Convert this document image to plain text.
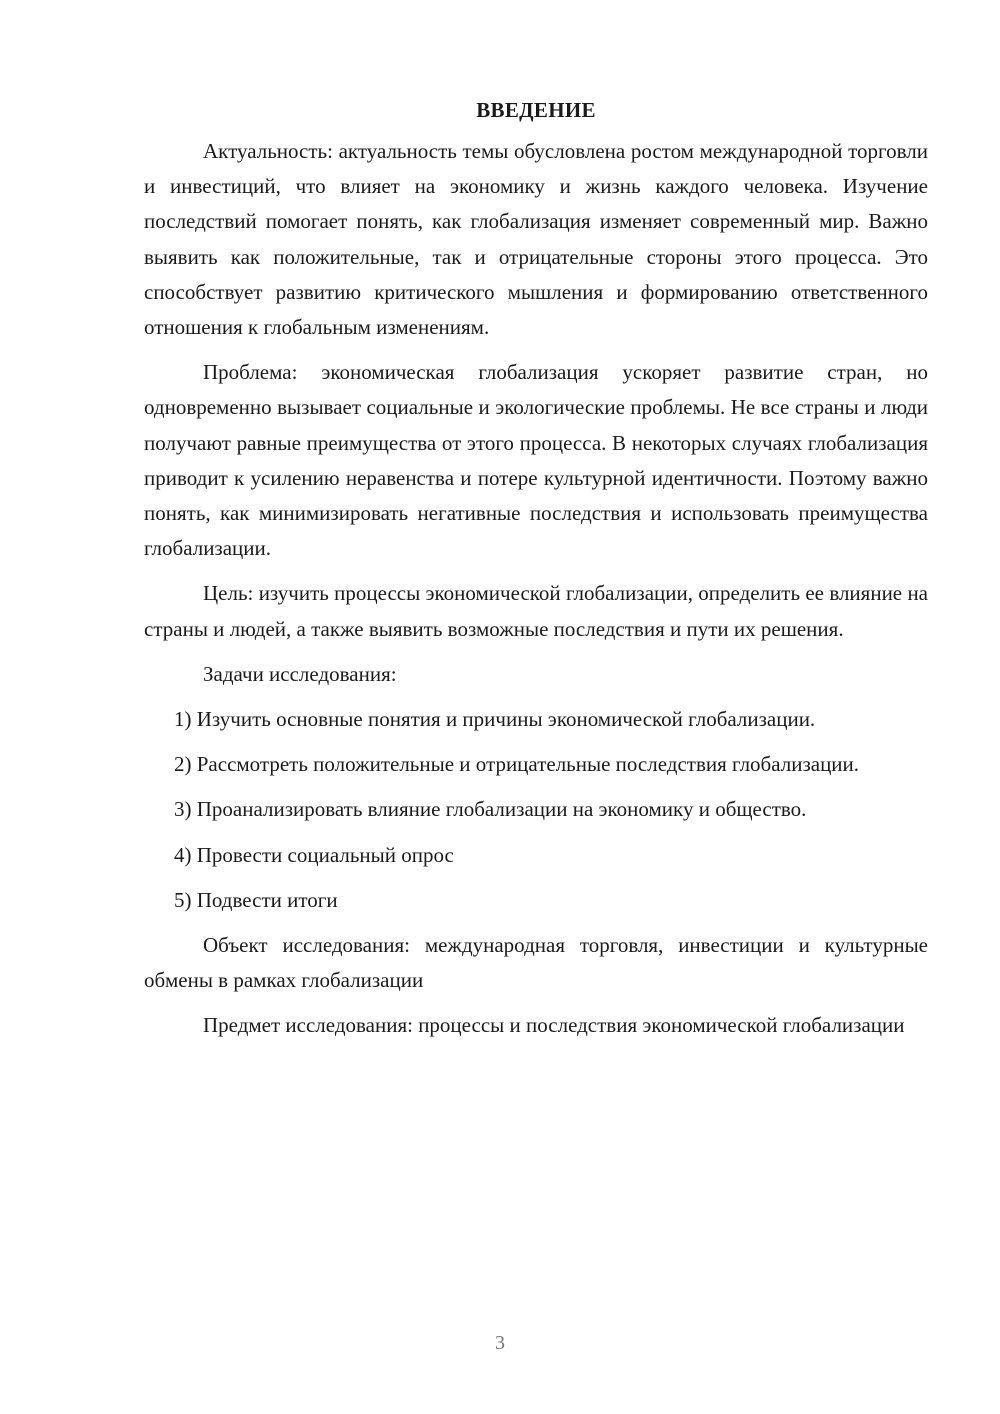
ВВЕДЕНИЕ

Актуальность: актуальность темы обусловлена ростом международной торговли и инвестиций, что влияет на экономику и жизнь каждого человека. Изучение последствий помогает понять, как глобализация изменяет современный мир. Важно выявить как положительные, так и отрицательные стороны этого процесса. Это способствует развитию критического мышления и формированию ответственного отношения к глобальным изменениям.

Проблема: экономическая глобализация ускоряет развитие стран, но одновременно вызывает социальные и экологические проблемы. Не все страны и люди получают равные преимущества от этого процесса. В некоторых случаях глобализация приводит к усилению неравенства и потере культурной идентичности. Поэтому важно понять, как минимизировать негативные последствия и использовать преимущества глобализации.

Цель: изучить процессы экономической глобализации, определить ее влияние на страны и людей, а также выявить возможные последствия и пути их решения.

Задачи исследования:

1) Изучить основные понятия и причины экономической глобализации.

2) Рассмотреть положительные и отрицательные последствия глобализации.

3) Проанализировать влияние глобализации на экономику и общество.

4) Провести социальный опрос

5) Подвести итоги

Объект исследования: международная торговля, инвестиции и культурные обмены в рамках глобализации

Предмет исследования: процессы и последствия экономической глобализации

3
